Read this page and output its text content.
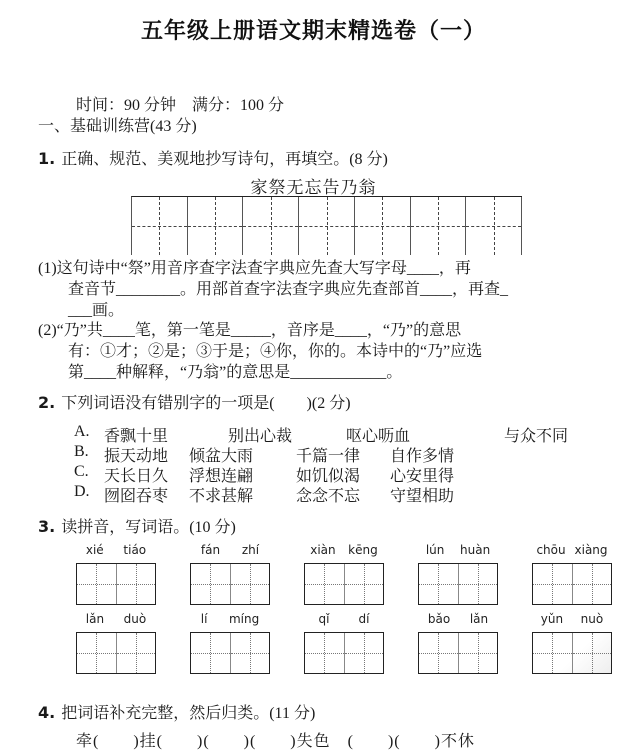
五年级上册语文期末精选卷（一）
时间：90 分钟　满分：100 分
一、基础训练营(43 分)
1. 正确、规范、美观地抄写诗句，再填空。(8 分)
家祭无忘告乃翁
(1)这句诗中“祭”用音序查字法查字典应先查大写字母____，再
查音节________。用部首查字法查字典应先查部首____，再查_
___画。
(2)“乃”共____笔，第一笔是_____，音序是____，“乃”的意思
有：①才；②是；③于是；④你，你的。本诗中的“乃”应选
第____种解释，“乃翁”的意思是____________。
2. 下列词语没有错别字的一项是(　　)(2 分)
A. 香飘十里	别出心裁	呕心呖血	与众不同
B. 振天动地 倾盆大雨	千篇一律 自作多情
C. 天长日久 浮想连翩	如饥似渴 心安里得
D. 囫囵吞枣 不求甚解	念念不忘 守望相助
3. 读拼音，写词语。(10 分)
xié tiáo	fán zhí	xiàn kēng	lún huàn	chōu xiàng
lǎn duò	lí míng	qǐ dí	bǎo lǎn	yǔn nuò
4. 把词语补充完整，然后归类。(11 分)
牵(　　)挂(　　)(　　)(　　)失色　(　　)(　　)不休
